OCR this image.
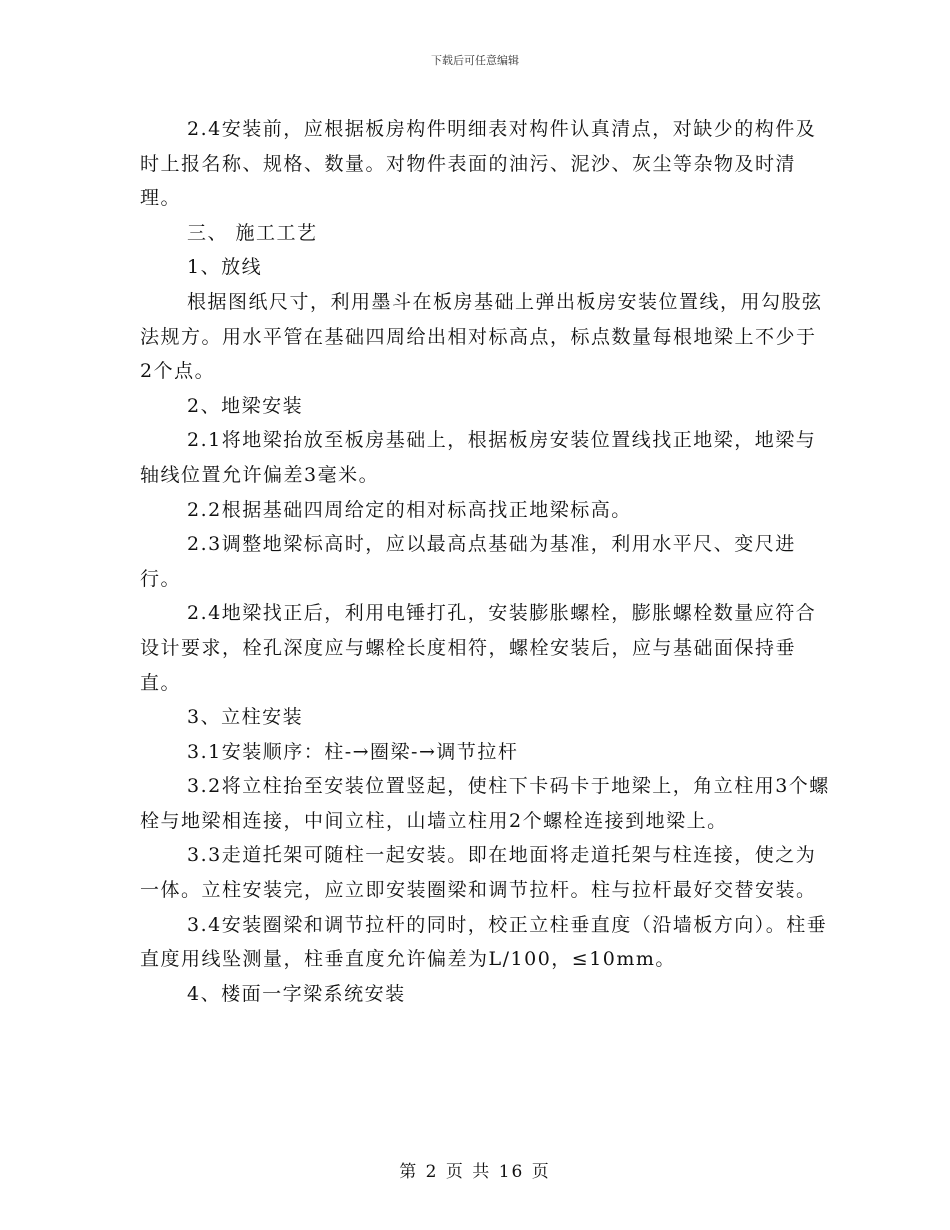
下载后可任意编辑

2.4安装前，应根据板房构件明细表对构件认真清点，对缺少的构件及时上报名称、规格、数量。对物件表面的油污、泥沙、灰尘等杂物及时清理。

三、 施工工艺

1、放线

根据图纸尺寸，利用墨斗在板房基础上弹出板房安装位置线，用勾股弦法规方。用水平管在基础四周给出相对标高点，标点数量每根地梁上不少于2个点。

2、地梁安装

2.1将地梁抬放至板房基础上，根据板房安装位置线找正地梁，地梁与轴线位置允许偏差3毫米。

2.2根据基础四周给定的相对标高找正地梁标高。

2.3调整地梁标高时，应以最高点基础为基准，利用水平尺、变尺进行。

2.4地梁找正后，利用电锤打孔，安装膨胀螺栓，膨胀螺栓数量应符合设计要求，栓孔深度应与螺栓长度相符，螺栓安装后，应与基础面保持垂直。

3、立柱安装

3.1安装顺序：柱-→圈梁-→调节拉杆

3.2将立柱抬至安装位置竖起，使柱下卡码卡于地梁上，角立柱用3个螺栓与地梁相连接，中间立柱，山墙立柱用2个螺栓连接到地梁上。

3.3走道托架可随柱一起安装。即在地面将走道托架与柱连接，使之为一体。立柱安装完，应立即安装圈梁和调节拉杆。柱与拉杆最好交替安装。

3.4安装圈梁和调节拉杆的同时，校正立柱垂直度（沿墙板方向）。柱垂直度用线坠测量，柱垂直度允许偏差为L/100，≤10mm。

4、楼面一字梁系统安装

第 2 页 共 16 页
